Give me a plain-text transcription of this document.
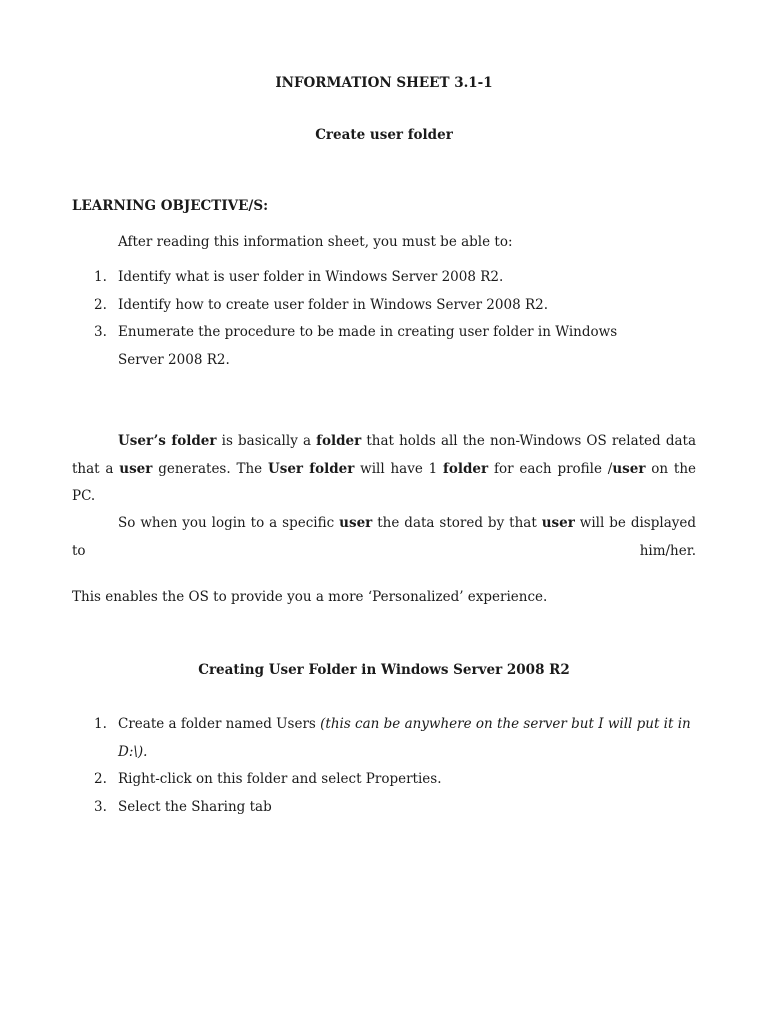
INFORMATION SHEET 3.1-1
Create user folder
LEARNING OBJECTIVE/S:
After reading this information sheet, you must be able to:
1. Identify what is user folder in Windows Server 2008 R2.
2. Identify how to create user folder in Windows Server 2008 R2.
3. Enumerate the procedure to be made in creating user folder in Windows Server 2008 R2.
User’s folder is basically a folder that holds all the non-Windows OS related data that a user generates. The User folder will have 1 folder for each profile /user on the PC.
So when you login to a specific user the data stored by that user will be displayed to him/her.
This enables the OS to provide you a more ‘Personalized’ experience.
Creating User Folder in Windows Server 2008 R2
1. Create a folder named Users (this can be anywhere on the server but I will put it in D:\).
2. Right-click on this folder and select Properties.
3. Select the Sharing tab
